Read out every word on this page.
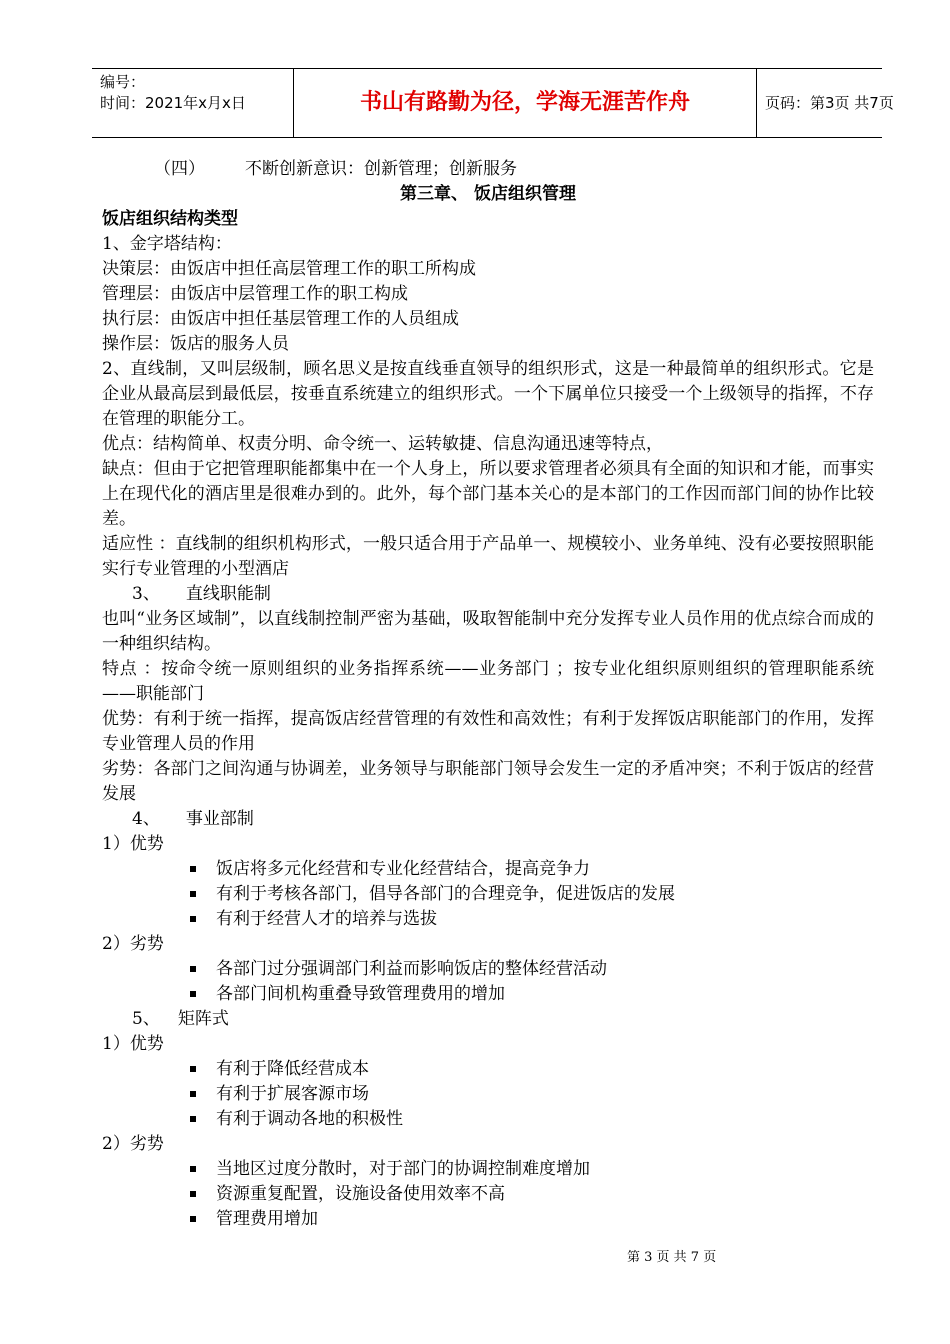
编号：
时间：2021年x月x日	书山有路勤为径，学海无涯苦作舟	页码：第3页 共7页

（四） 不断创新意识：创新管理；创新服务

第三章、 饭店组织管理

饭店组织结构类型

1、金字塔结构：

决策层：由饭店中担任高层管理工作的职工所构成

管理层：由饭店中层管理工作的职工构成

执行层：由饭店中担任基层管理工作的人员组成

操作层：饭店的服务人员

2、直线制，又叫层级制，顾名思义是按直线垂直领导的组织形式，这是一种最简单的组织形式。它是企业从最高层到最低层，按垂直系统建立的组织形式。一个下属单位只接受一个上级领导的指挥，不存在管理的职能分工。

优点：结构简单、权责分明、命令统一、运转敏捷、信息沟通迅速等特点，

缺点：但由于它把管理职能都集中在一个人身上，所以要求管理者必须具有全面的知识和才能，而事实上在现代化的酒店里是很难办到的。此外，每个部门基本关心的是本部门的工作因而部门间的协作比较差。

适应性 ：直线制的组织机构形式，一般只适合用于产品单一、规模较小、业务单纯、没有必要按照职能实行专业管理的小型酒店

3、 直线职能制

也叫“业务区域制”，以直线制控制严密为基础，吸取智能制中充分发挥专业人员作用的优点综合而成的一种组织结构。

特点 ：按命令统一原则组织的业务指挥系统——业务部门 ；按专业化组织原则组织的管理职能系统——职能部门

优势：有利于统一指挥，提高饭店经营管理的有效性和高效性；有利于发挥饭店职能部门的作用，发挥专业管理人员的作用

劣势：各部门之间沟通与协调差，业务领导与职能部门领导会发生一定的矛盾冲突；不利于饭店的经营发展

4、 事业部制

1）优势

饭店将多元化经营和专业化经营结合，提高竞争力
有利于考核各部门，倡导各部门的合理竞争，促进饭店的发展
有利于经营人才的培养与选拔

2）劣势

各部门过分强调部门利益而影响饭店的整体经营活动
各部门间机构重叠导致管理费用的增加

5、 矩阵式

1）优势

有利于降低经营成本
有利于扩展客源市场
有利于调动各地的积极性

2）劣势

当地区过度分散时，对于部门的协调控制难度增加
资源重复配置，设施设备使用效率不高
管理费用增加
第 3 页 共 7 页
